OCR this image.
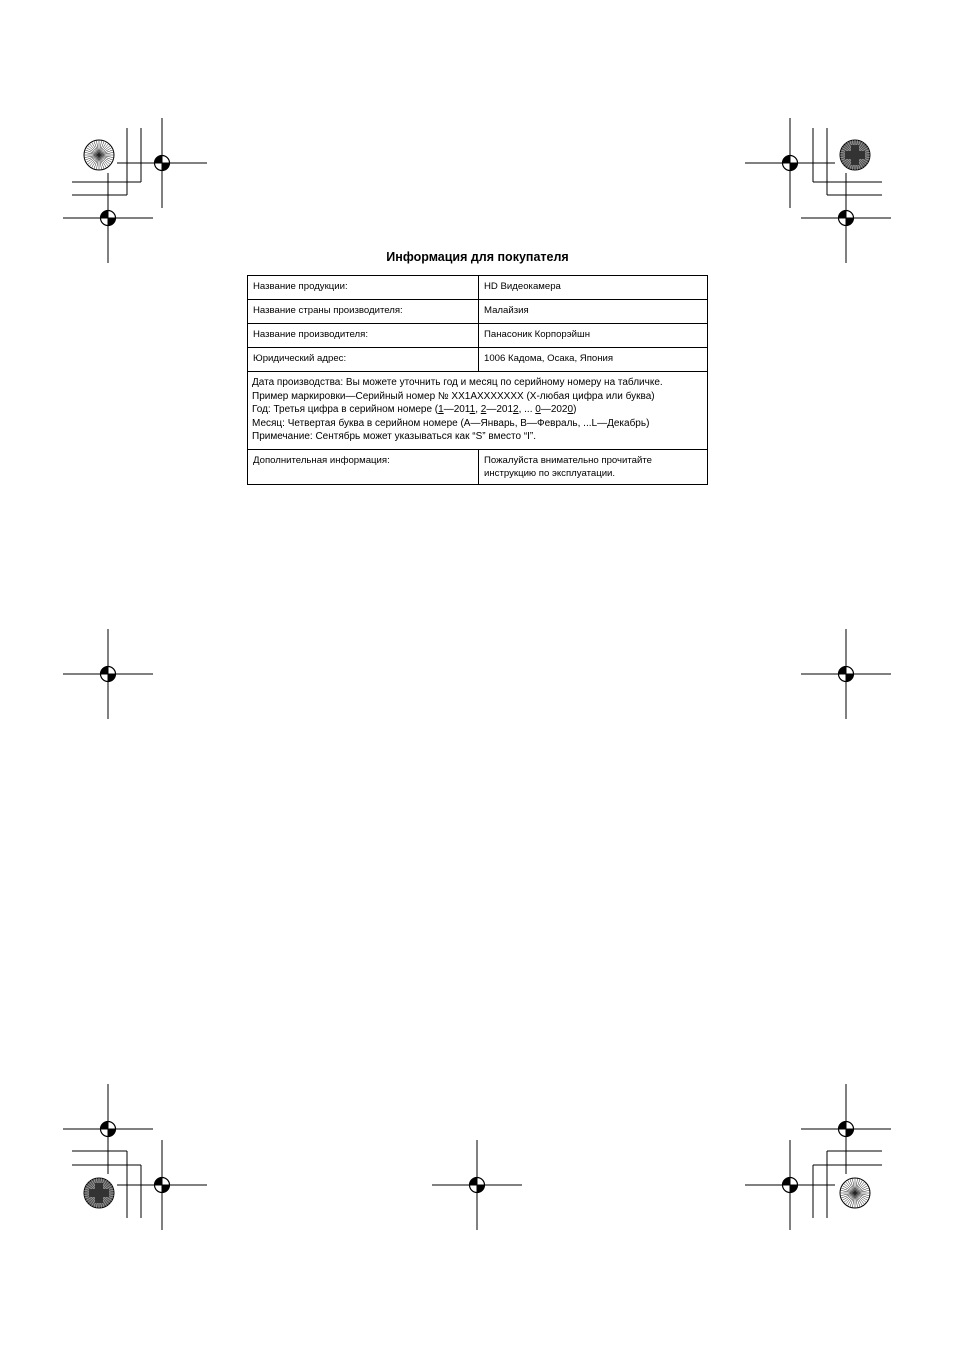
Информация для покупателя
Название продукции:	HD Видеокамера
Название страны производителя:	Малайзия
Название производителя:	Панасоник Корпорэйшн
Юридический адрес:	1006 Кадома, Осака, Япония

Дата производства: Вы можете уточнить год и месяц по серийному номеру на табличке.
Пример маркировки—Серийный номер № XX1AXXXXXXX (X-любая цифра или буква)
Год: Третья цифра в серийном номере (1—2011, 2—2012, ... 0—2020)
Месяц: Четвертая буква в серийном номере (A—Январь, B—Февраль, ...L—Декабрь)
Примечание: Сентябрь может указываться как “S” вместо “I”.	

Дополнительная информация:	Пожалуйста внимательно прочитайте
инструкцию по эксплуатации.
